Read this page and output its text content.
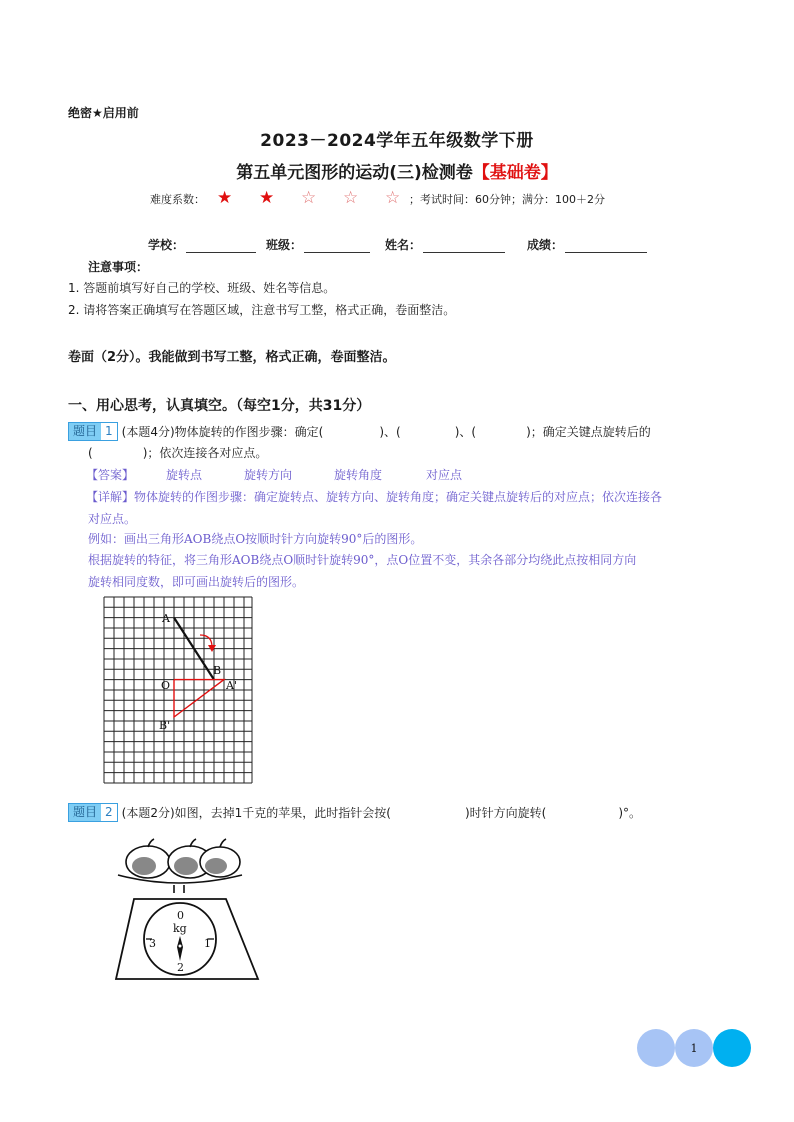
绝密★启用前
2023－2024学年五年级数学下册
第五单元图形的运动(三)检测卷【基础卷】
难度系数： ★	★	☆	☆	☆ ；考试时间：60分钟；满分：100＋2分
学校：	班级：	姓名：	成绩：
注意事项：
1. 答题前填写好自己的学校、班级、姓名等信息。
2. 请将答案正确填写在答题区域，注意书写工整，格式正确，卷面整洁。
卷面（2分）。我能做到书写工整，格式正确，卷面整洁。
一、用心思考，认真填空。（每空1分，共31分）
题目 1 (本题4分)物体旋转的作图步骤：确定(	)、(	)、(	)；确定关键点旋转后的
(	)；依次连接各对应点。
【答案】	旋转点	旋转方向	旋转角度	对应点
【详解】物体旋转的作图步骤：确定旋转点、旋转方向、旋转角度；确定关键点旋转后的对应点；依次连接各
对应点。
例如：画出三角形AOB绕点O按顺时针方向旋转90°后的图形。
根据旋转的特征，将三角形AOB绕点O顺时针旋转90°，点O位置不变，其余各部分均绕此点按相同方向
旋转相同度数，即可画出旋转后的图形。
A
B
O	A'
B'
题目 2 (本题2分)如图，去掉1千克的苹果，此时指针会按(	)时针方向旋转(	)°。
0
1
2
3
kg
1
